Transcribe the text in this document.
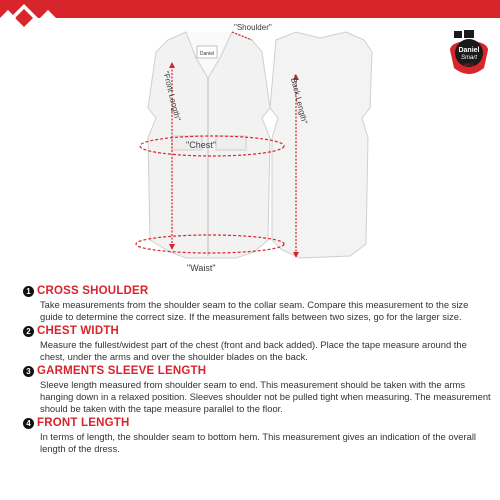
Daniel
Smart
MFG
Daniel
"Shoulder"
"Front Length"	"Back Length"
"Chest"
"Waist"
1 CROSS SHOULDER
Take measurements from the shoulder seam to the collar seam. Compare this measurement to the size guide to determine the correct size. If the measurement falls between two sizes, go for the larger size.
2 CHEST WIDTH
Measure the fullest/widest part of the chest (front and back added). Place the tape measure around the chest, under the arms and over the shoulder blades on the back.
3 GARMENTS SLEEVE LENGTH
Sleeve length measured from shoulder seam to end. This measurement should be taken with the arms hanging down in a relaxed position. Sleeves shoulder not be pulled tight when measuring. The measurement should be taken with the tape measure parallel to the floor.
4 FRONT LENGTH
In terms of length, the shoulder seam to bottom hem. This measurement gives an indication of the overall length of the dress.
